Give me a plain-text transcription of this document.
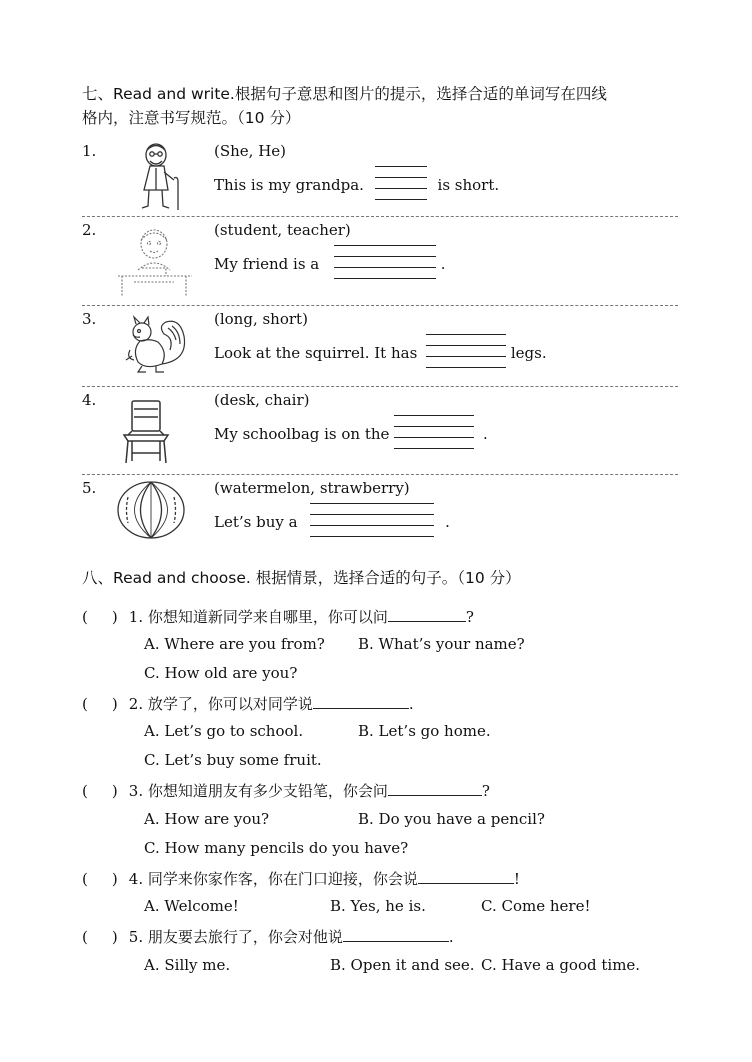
七、Read and write.根据句子意思和图片的提示，选择合适的单词写在四线
格内，注意书写规范。（10 分）
1.	(She, He)
This is my grandpa.	is short.
2.	(student, teacher)
My friend is a	.
3.	(long, short)
Look at the squirrel. It has	legs.
4.	(desk, chair)
My schoolbag is on the	.
5.	(watermelon, strawberry)
Let’s buy a	.
八、Read and choose. 根据情景，选择合适的句子。（10 分）
( ) 1. 你想知道新同学来自哪里，你可以问	?
A. Where are you from? B. What’s your name?
C. How old are you?
( ) 2. 放学了，你可以对同学说	.
A. Let’s go to school.	B. Let’s go home.
C. Let’s buy some fruit.
( ) 3. 你想知道朋友有多少支铅笔，你会问	?
A. How are you?	B. Do you have a pencil?
C. How many pencils do you have?
( ) 4. 同学来你家作客，你在门口迎接，你会说	!
A. Welcome!	B. Yes, he is.	C. Come here!
( ) 5. 朋友要去旅行了，你会对他说	.
A. Silly me.	B. Open it and see. C. Have a good time.
